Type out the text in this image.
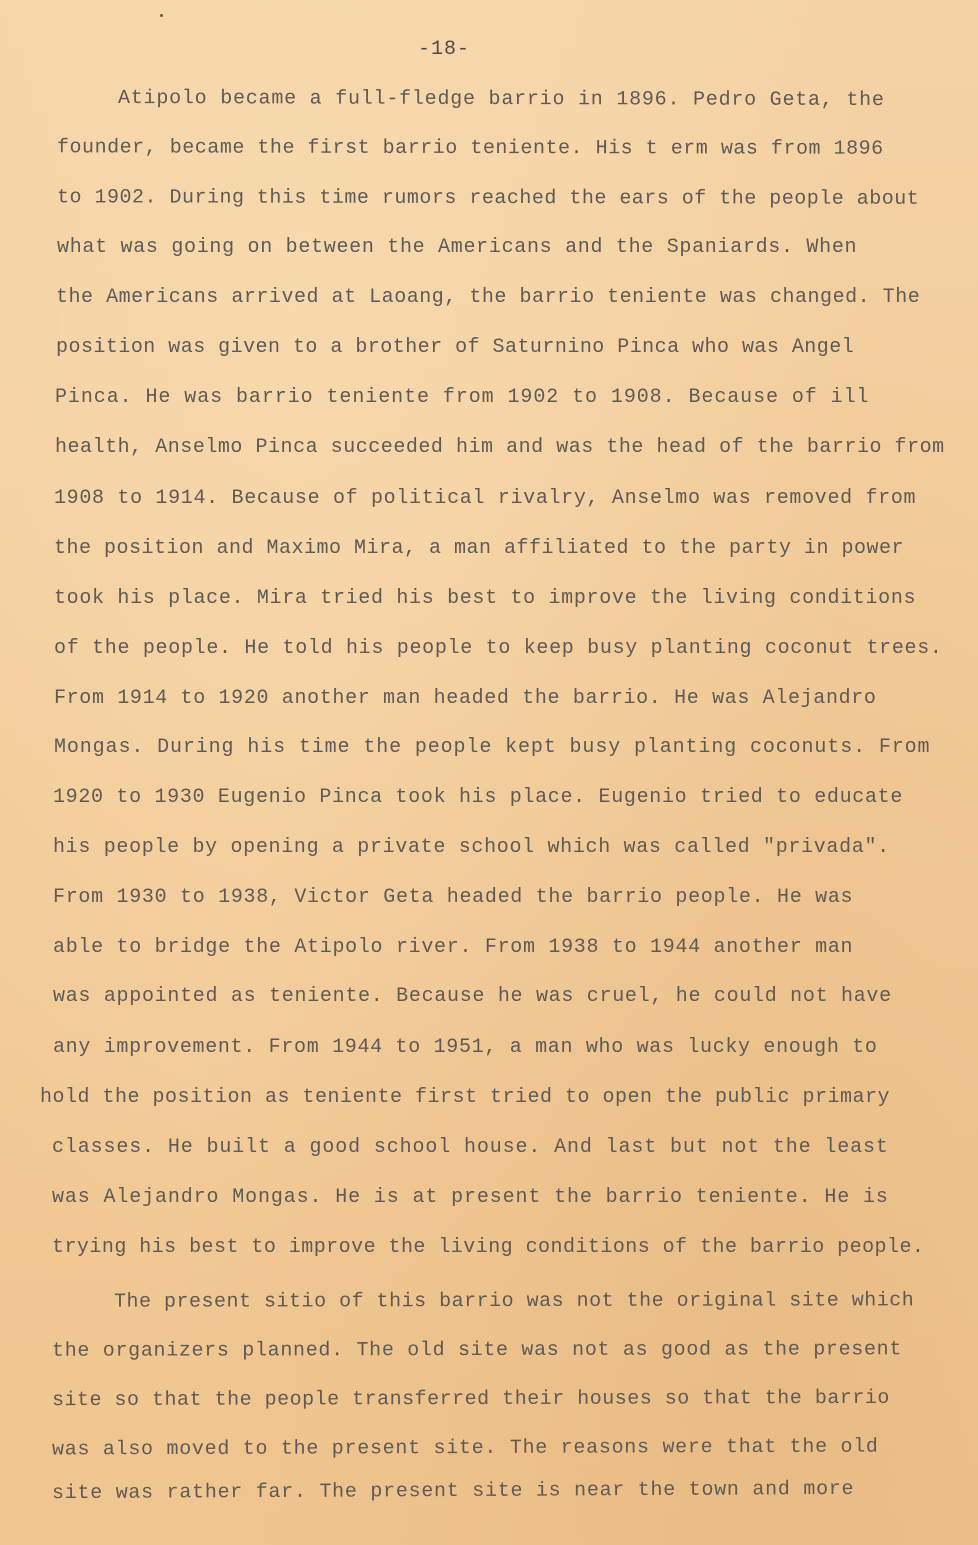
-18-
Atipolo became a full-fledge barrio in 1896. Pedro Geta, the
founder, became the first barrio teniente. His t erm was from 1896
to 1902. During this time rumors reached the ears of the people about
what was going on between the Americans and the Spaniards. When
the Americans arrived at Laoang, the barrio teniente was changed. The
position was given to a brother of Saturnino Pinca who was Angel
Pinca. He was barrio teniente from 1902 to 1908. Because of ill
health, Anselmo Pinca succeeded him and was the head of the barrio from
1908 to 1914. Because of political rivalry, Anselmo was removed from
the position and Maximo Mira, a man affiliated to the party in power
took his place. Mira tried his best to improve the living conditions
of the people. He told his people to keep busy planting coconut trees.
From 1914 to 1920 another man headed the barrio. He was Alejandro
Mongas. During his time the people kept busy planting coconuts. From
1920 to 1930 Eugenio Pinca took his place. Eugenio tried to educate
his people by opening a private school which was called "privada".
From 1930 to 1938, Victor Geta headed the barrio people. He was
able to bridge the Atipolo river. From 1938 to 1944 another man
was appointed as teniente. Because he was cruel, he could not have
any improvement. From 1944 to 1951, a man who was lucky enough to
hold the position as teniente first tried to open the public primary
classes. He built a good school house. And last but not the least
was Alejandro Mongas. He is at present the barrio teniente. He is
trying his best to improve the living conditions of the barrio people.
The present sitio of this barrio was not the original site which
the organizers planned. The old site was not as good as the present
site so that the people transferred their houses so that the barrio
was also moved to the present site. The reasons were that the old
site was rather far. The present site is near the town and more
